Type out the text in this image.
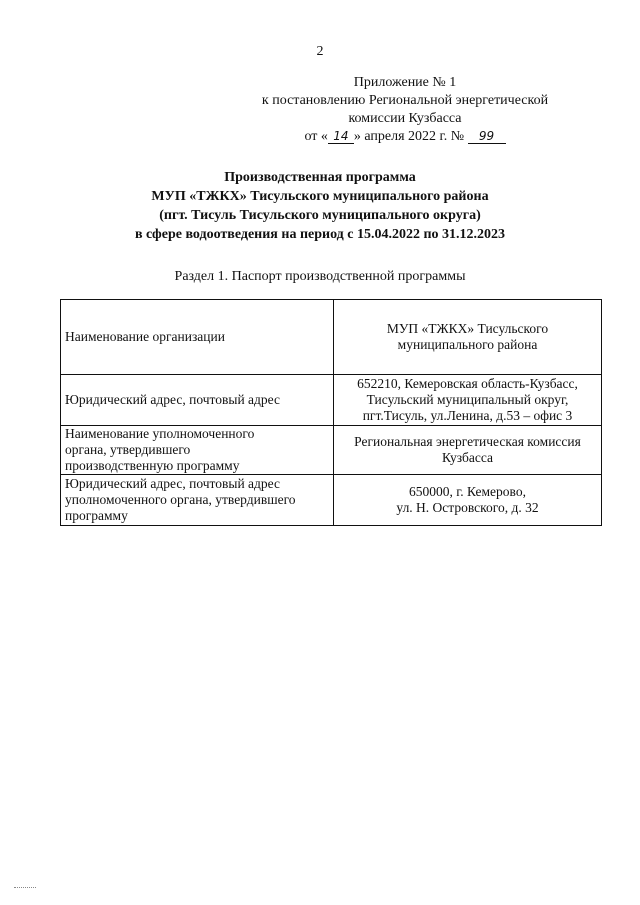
2
Приложение № 1
к постановлению Региональной энергетической
комиссии Кузбасса
от « 14 » апреля 2022 г. № 99
Производственная программа
МУП «ТЖКХ» Тисульского муниципального района
(пгт. Тисуль Тисульского муниципального округа)
в сфере водоотведения на период с 15.04.2022 по 31.12.2023
Раздел 1. Паспорт производственной программы
Наименование организации	МУП «ТЖКХ» Тисульского
муниципального района
Юридический адрес, почтовый адрес	652210, Кемеровская область-Кузбасс,
Тисульский муниципальный округ,
пгт.Тисуль, ул.Ленина, д.53 – офис 3
Наименование уполномоченного
органа, утвердившего
производственную программу	Региональная энергетическая комиссия
Кузбасса
Юридический адрес, почтовый адрес
уполномоченного органа, утвердившего
программу	650000, г. Кемерово,
ул. Н. Островского, д. 32
